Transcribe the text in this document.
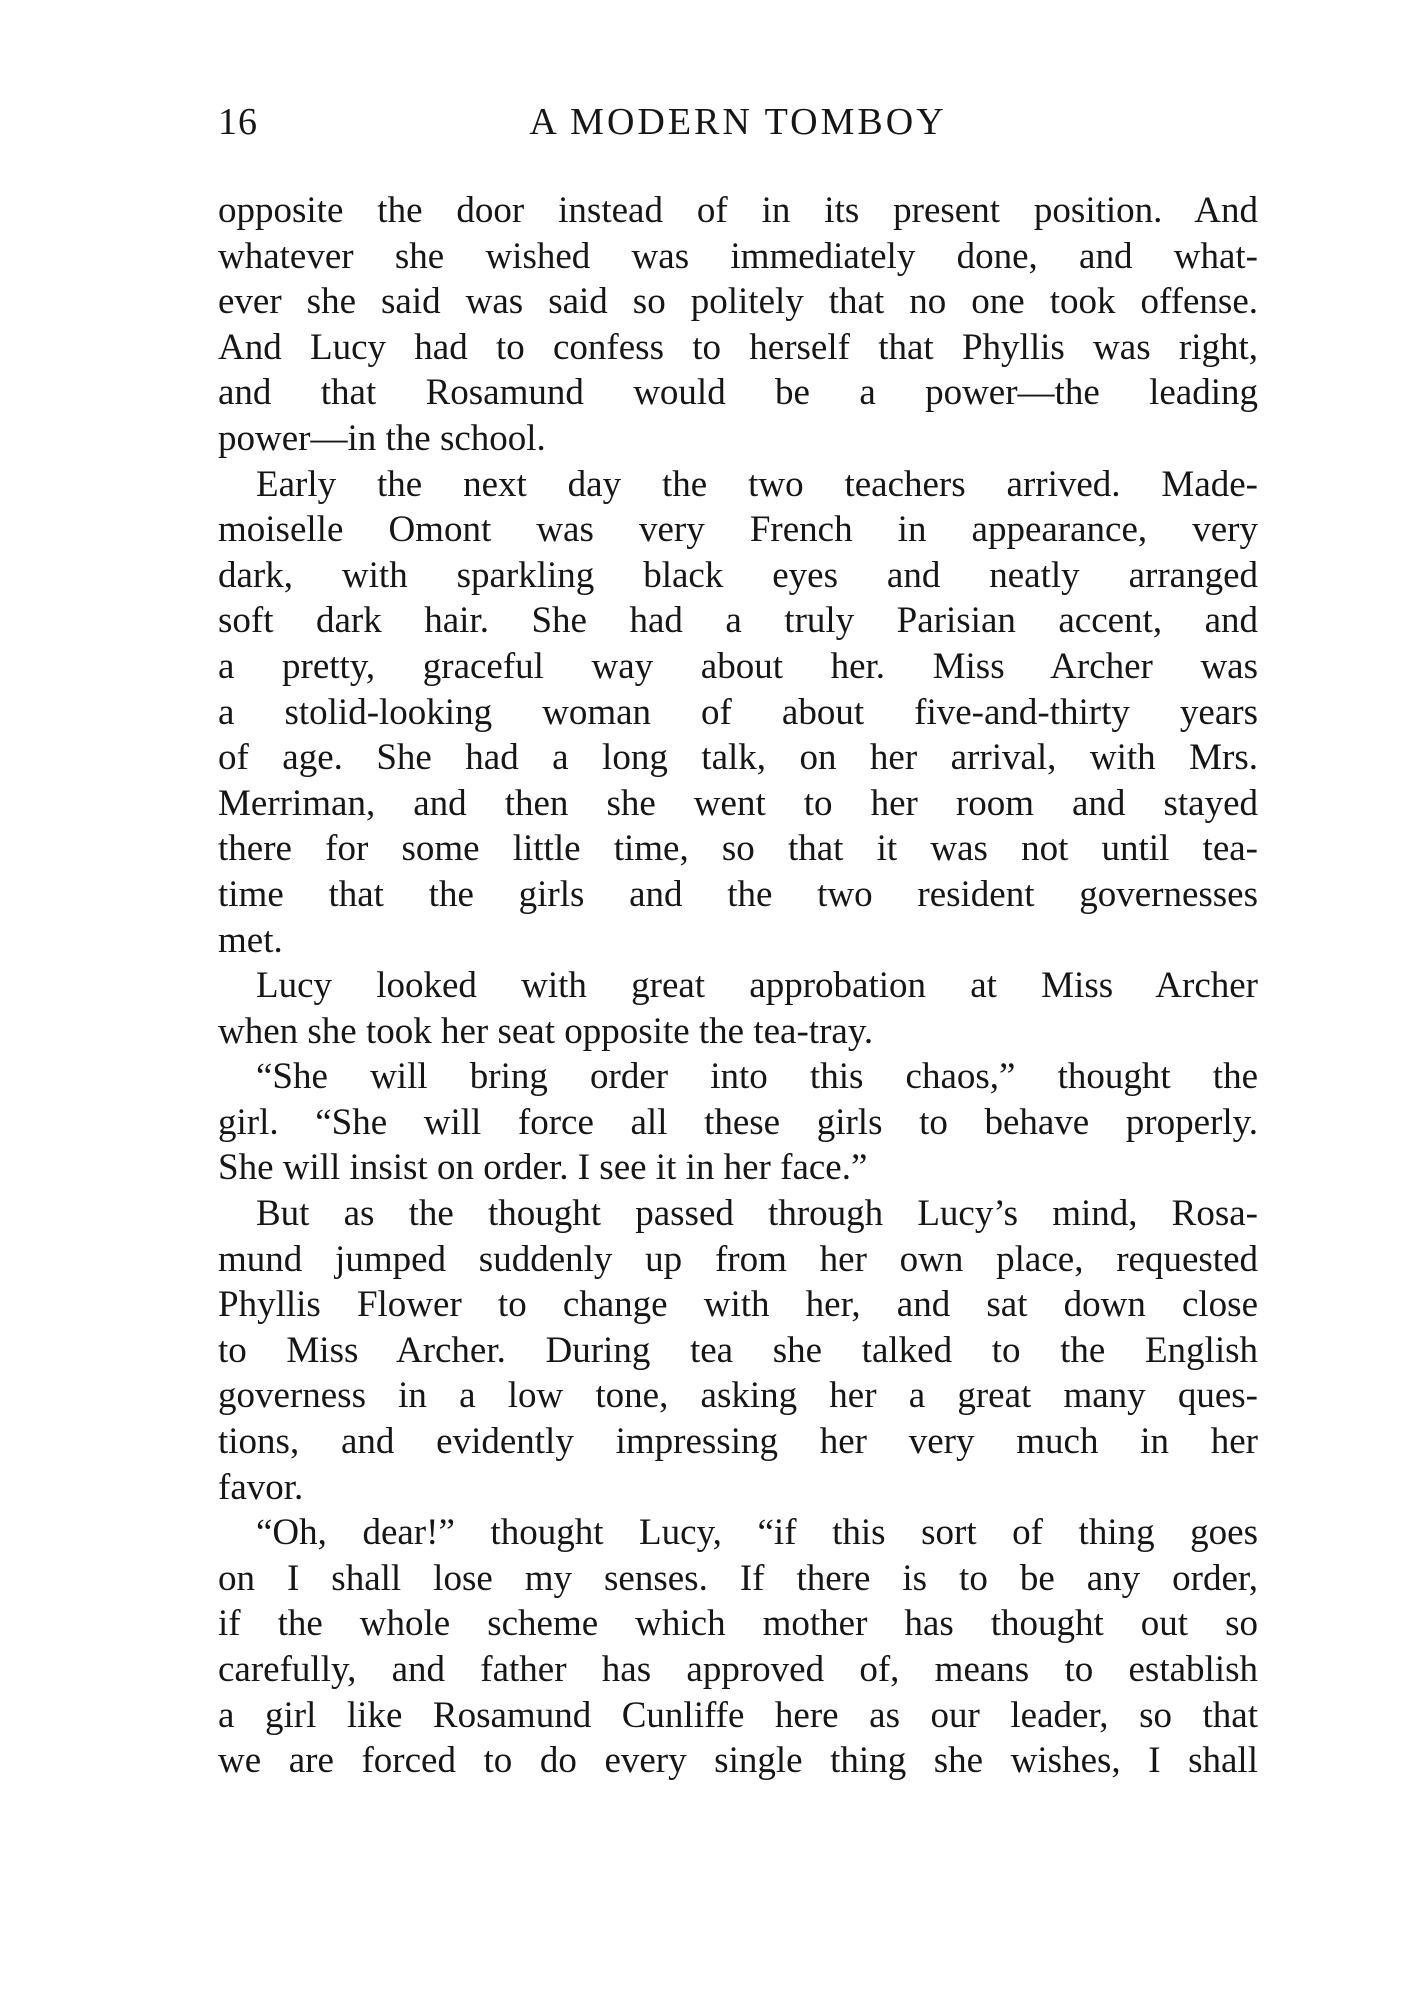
16	A MODERN TOMBOY
opposite the door instead of in its present position. And
whatever she wished was immediately done, and what-
ever she said was said so politely that no one took offense.
And Lucy had to confess to herself that Phyllis was right,
and that Rosamund would be a power—the leading
power—in the school.
Early the next day the two teachers arrived. Made-
moiselle Omont was very French in appearance, very
dark, with sparkling black eyes and neatly arranged
soft dark hair. She had a truly Parisian accent, and
a pretty, graceful way about her. Miss Archer was
a stolid-looking woman of about five-and-thirty years
of age. She had a long talk, on her arrival, with Mrs.
Merriman, and then she went to her room and stayed
there for some little time, so that it was not until tea-
time that the girls and the two resident governesses
met.
Lucy looked with great approbation at Miss Archer
when she took her seat opposite the tea-tray.
“She will bring order into this chaos,” thought the
girl. “She will force all these girls to behave properly.
She will insist on order. I see it in her face.”
But as the thought passed through Lucy’s mind, Rosa-
mund jumped suddenly up from her own place, requested
Phyllis Flower to change with her, and sat down close
to Miss Archer. During tea she talked to the English
governess in a low tone, asking her a great many ques-
tions, and evidently impressing her very much in her
favor.
“Oh, dear!” thought Lucy, “if this sort of thing goes
on I shall lose my senses. If there is to be any order,
if the whole scheme which mother has thought out so
carefully, and father has approved of, means to establish
a girl like Rosamund Cunliffe here as our leader, so that
we are forced to do every single thing she wishes, I shall
